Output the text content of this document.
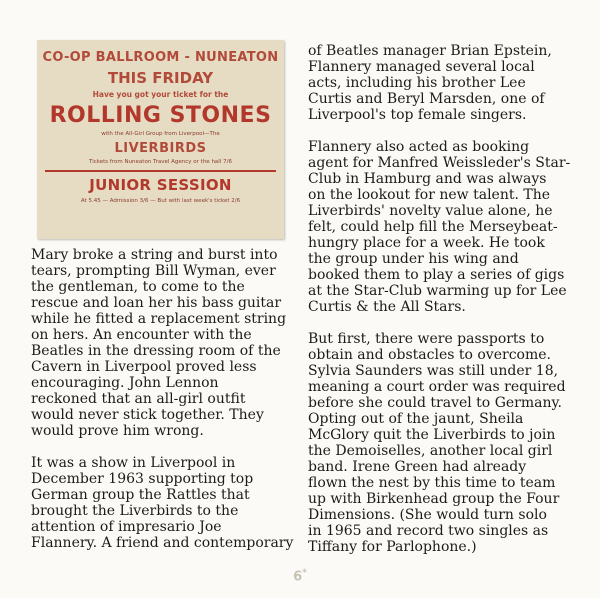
CO-OP BALLROOM - NUNEATON
THIS FRIDAY
Have you got your ticket for the
ROLLING STONES
with the All-Girl Group from Liverpool—The
LIVERBIRDS
Tickets from Nuneaton Travel Agency or the hall 7/6
JUNIOR SESSION
At 5.45 — Admission 3/6 — But with last week's ticket 2/6

Mary broke a string and burst into
tears, prompting Bill Wyman, ever
the gentleman, to come to the
rescue and loan her his bass guitar
while he fitted a replacement string
on hers. An encounter with the
Beatles in the dressing room of the
Cavern in Liverpool proved less
encouraging. John Lennon
reckoned that an all-girl outfit
would never stick together. They
would prove him wrong.

It was a show in Liverpool in
December 1963 supporting top
German group the Rattles that
brought the Liverbirds to the
attention of impresario Joe
Flannery. A friend and contemporary

of Beatles manager Brian Epstein,
Flannery managed several local
acts, including his brother Lee
Curtis and Beryl Marsden, one of
Liverpool's top female singers.

Flannery also acted as booking
agent for Manfred Weissleder's Star-
Club in Hamburg and was always
on the lookout for new talent. The
Liverbirds' novelty value alone, he
felt, could help fill the Merseybeat-
hungry place for a week. He took
the group under his wing and
booked them to play a series of gigs
at the Star-Club warming up for Lee
Curtis & the All Stars.

But first, there were passports to
obtain and obstacles to overcome.
Sylvia Saunders was still under 18,
meaning a court order was required
before she could travel to Germany.
Opting out of the jaunt, Sheila
McGlory quit the Liverbirds to join
the Demoiselles, another local girl
band. Irene Green had already
flown the nest by this time to team
up with Birkenhead group the Four
Dimensions. (She would turn solo
in 1965 and record two singles as
Tiffany for Parlophone.)

6*
